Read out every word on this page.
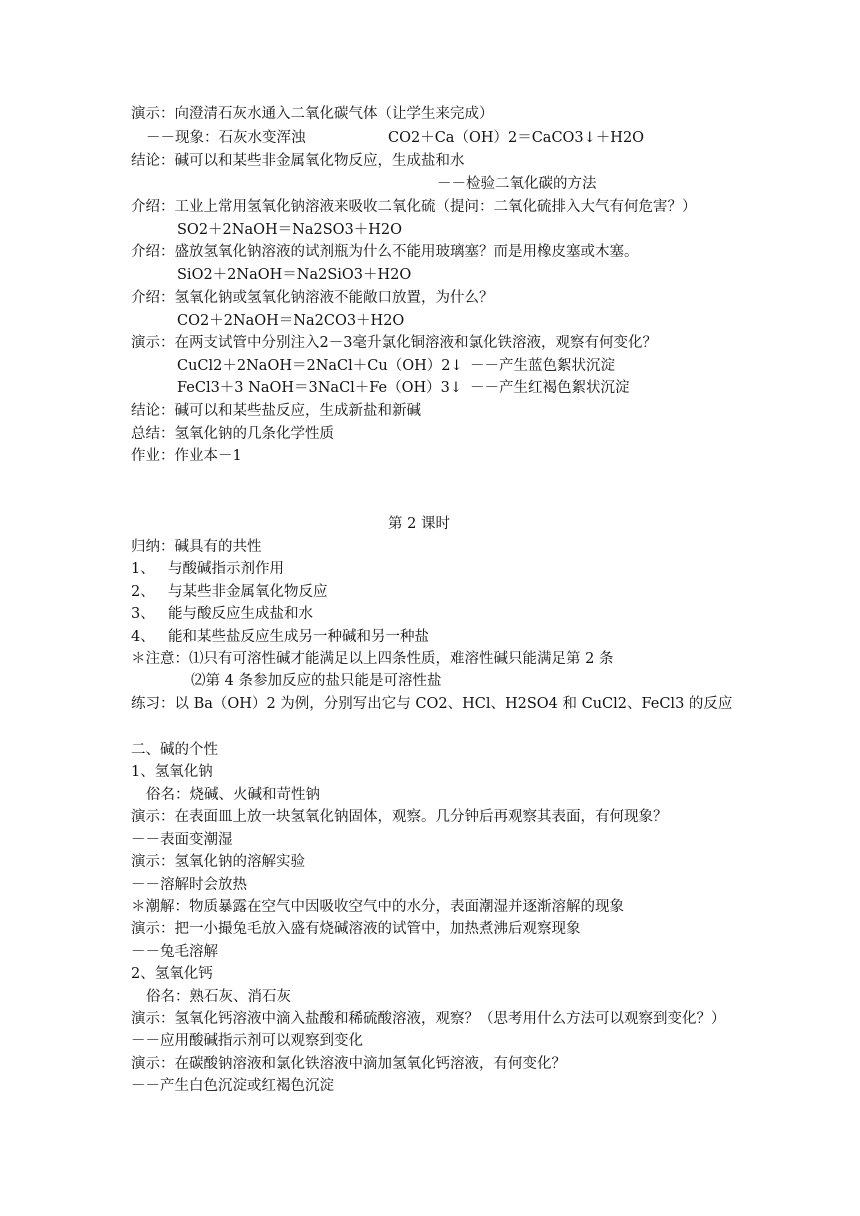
演示：向澄清石灰水通入二氧化碳气体（让学生来完成）
－－现象：石灰水变浑浊	CO2＋Ca（OH）2＝CaCO3↓＋H2O
结论：碱可以和某些非金属氧化物反应，生成盐和水
－－检验二氧化碳的方法
介绍：工业上常用氢氧化钠溶液来吸收二氧化硫（提问：二氧化硫排入大气有何危害？）
SO2＋2NaOH＝Na2SO3＋H2O
介绍：盛放氢氧化钠溶液的试剂瓶为什么不能用玻璃塞？而是用橡皮塞或木塞。
SiO2＋2NaOH＝Na2SiO3＋H2O
介绍：氢氧化钠或氢氧化钠溶液不能敞口放置，为什么？
CO2＋2NaOH＝Na2CO3＋H2O
演示：在两支试管中分别注入2－3毫升氯化铜溶液和氯化铁溶液，观察有何变化？
CuCl2＋2NaOH＝2NaCl＋Cu（OH）2↓ －－产生蓝色絮状沉淀
FeCl3＋3 NaOH＝3NaCl＋Fe（OH）3↓ －－产生红褐色絮状沉淀
结论：碱可以和某些盐反应，生成新盐和新碱
总结：氢氧化钠的几条化学性质
作业：作业本－1
第 2 课时
归纳：碱具有的共性
1、 与酸碱指示剂作用
2、 与某些非金属氧化物反应
3、 能与酸反应生成盐和水
4、 能和某些盐反应生成另一种碱和另一种盐
＊注意：⑴只有可溶性碱才能满足以上四条性质，难溶性碱只能满足第 2 条
⑵第 4 条参加反应的盐只能是可溶性盐
练习：以 Ba（OH）2 为例，分别写出它与 CO2、HCl、H2SO4 和 CuCl2、FeCl3 的反应
二、碱的个性
1、氢氧化钠
俗名：烧碱、火碱和苛性钠
演示：在表面皿上放一块氢氧化钠固体，观察。几分钟后再观察其表面，有何现象？
－－表面变潮湿
演示：氢氧化钠的溶解实验
－－溶解时会放热
＊潮解：物质暴露在空气中因吸收空气中的水分，表面潮湿并逐渐溶解的现象
演示：把一小撮兔毛放入盛有烧碱溶液的试管中，加热煮沸后观察现象
－－兔毛溶解
2、氢氧化钙
俗名：熟石灰、消石灰
演示：氢氧化钙溶液中滴入盐酸和稀硫酸溶液，观察？（思考用什么方法可以观察到变化？）
－－应用酸碱指示剂可以观察到变化
演示：在碳酸钠溶液和氯化铁溶液中滴加氢氧化钙溶液，有何变化？
－－产生白色沉淀或红褐色沉淀
